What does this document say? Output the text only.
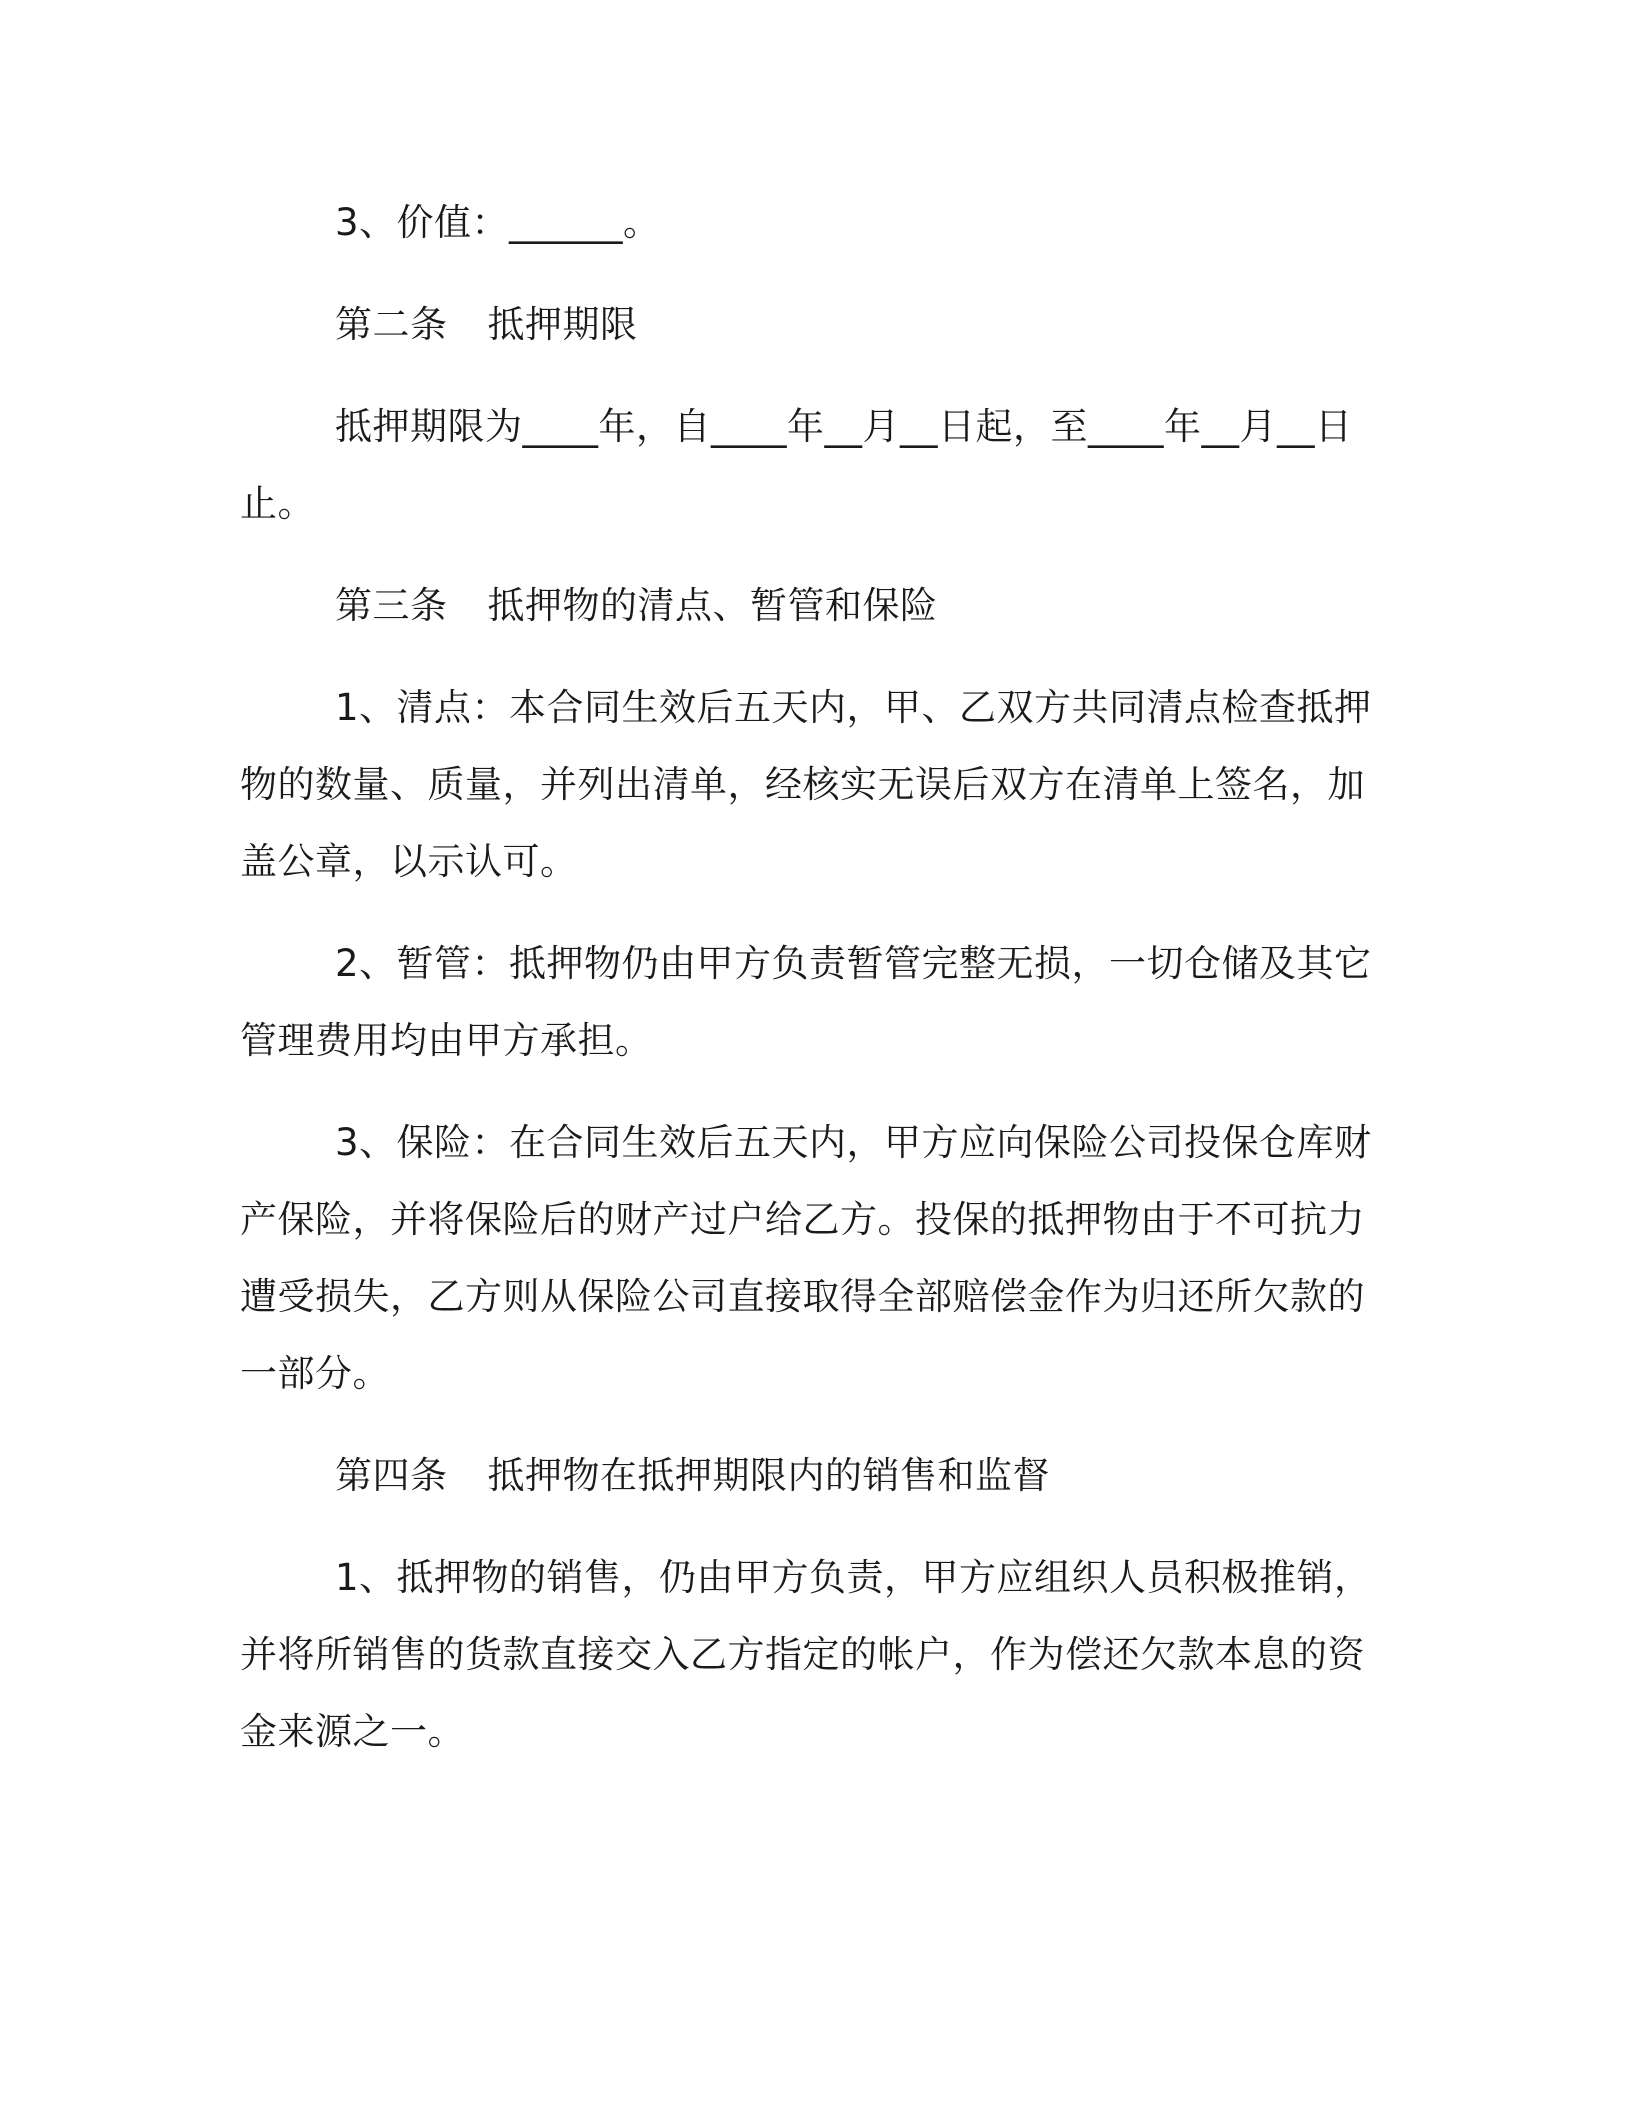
3、价值：______。

第二条 抵押期限

抵押期限为____年，自____年__月__日起，至____年__月__日止。

第三条 抵押物的清点、暂管和保险

1、清点：本合同生效后五天内，甲、乙双方共同清点检查抵押物的数量、质量，并列出清单，经核实无误后双方在清单上签名，加盖公章，以示认可。

2、暂管：抵押物仍由甲方负责暂管完整无损，一切仓储及其它管理费用均由甲方承担。

3、保险：在合同生效后五天内，甲方应向保险公司投保仓库财产保险，并将保险后的财产过户给乙方。投保的抵押物由于不可抗力遭受损失，乙方则从保险公司直接取得全部赔偿金作为归还所欠款的一部分。

第四条 抵押物在抵押期限内的销售和监督

1、抵押物的销售，仍由甲方负责，甲方应组织人员积极推销，并将所销售的货款直接交入乙方指定的帐户，作为偿还欠款本息的资金来源之一。
